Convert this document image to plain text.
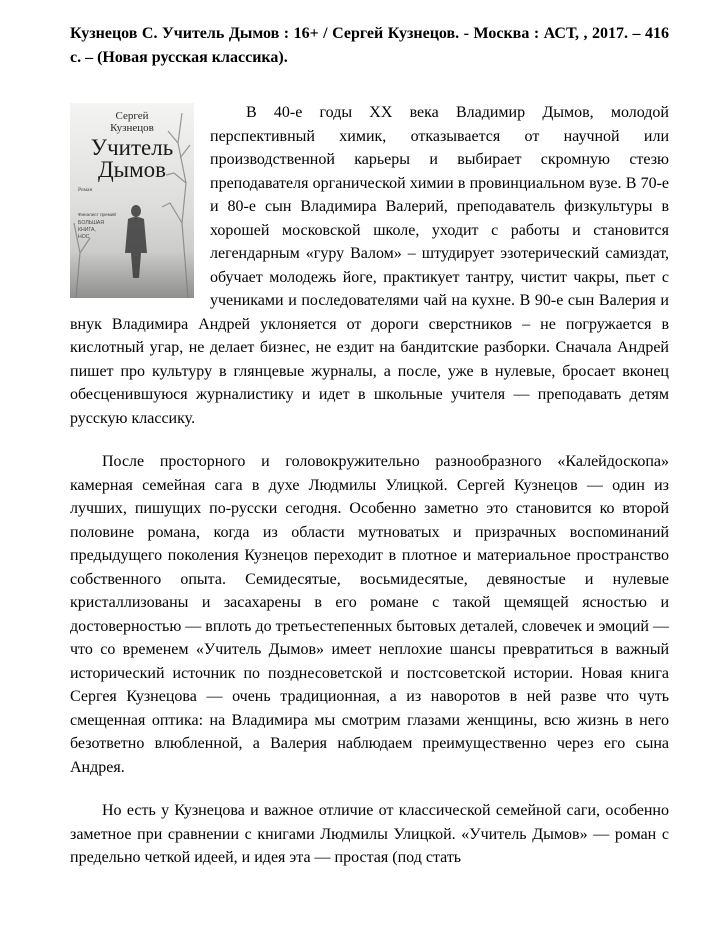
Кузнецов С. Учитель Дымов : 16+ / Сергей Кузнецов. - Москва : АСТ, , 2017. – 416 с. – (Новая русская классика).

Сергей
Кузнецов
Учитель
Дымов
Роман
Финалист премий
БОЛЬШАЯ
КНИГА,
НОС

В 40-е годы XX века Владимир Дымов, молодой перспективный химик, отказывается от научной или производственной карьеры и выбирает скромную стезю преподавателя органической химии в провинциальном вузе. В 70-е и 80-е сын Владимира Валерий, преподаватель физкультуры в хорошей московской школе, уходит с работы и становится легендарным «гуру Валом» – штудирует эзотерический самиздат, обучает молодежь йоге, практикует тантру, чистит чакры, пьет с учениками и последователями чай на кухне. В 90-е сын Валерия и внук Владимира Андрей уклоняется от дороги сверстников – не погружается в кислотный угар, не делает бизнес, не ездит на бандитские разборки. Сначала Андрей пишет про культуру в глянцевые журналы, а после, уже в нулевые, бросает вконец обесценившуюся журналистику и идет в школьные учителя — преподавать детям русскую классику.

После просторного и головокружительно разнообразного «Калейдоскопа» камерная семейная сага в духе Людмилы Улицкой. Сергей Кузнецов — один из лучших, пишущих по-русски сегодня. Особенно заметно это становится ко второй половине романа, когда из области мутноватых и призрачных воспоминаний предыдущего поколения Кузнецов переходит в плотное и материальное пространство собственного опыта. Семидесятые, восьмидесятые, девяностые и нулевые кристаллизованы и засахарены в его романе с такой щемящей ясностью и достоверностью — вплоть до третьестепенных бытовых деталей, словечек и эмоций — что со временем «Учитель Дымов» имеет неплохие шансы превратиться в важный исторический источник по позднесоветской и постсоветской истории. Новая книга Сергея Кузнецова — очень традиционная, а из наворотов в ней разве что чуть смещенная оптика: на Владимира мы смотрим глазами женщины, всю жизнь в него безответно влюбленной, а Валерия наблюдаем преимущественно через его сына Андрея.

Но есть у Кузнецова и важное отличие от классической семейной саги, особенно заметное при сравнении с книгами Людмилы Улицкой. «Учитель Дымов» — роман с предельно четкой идеей, и идея эта — простая (под стать
